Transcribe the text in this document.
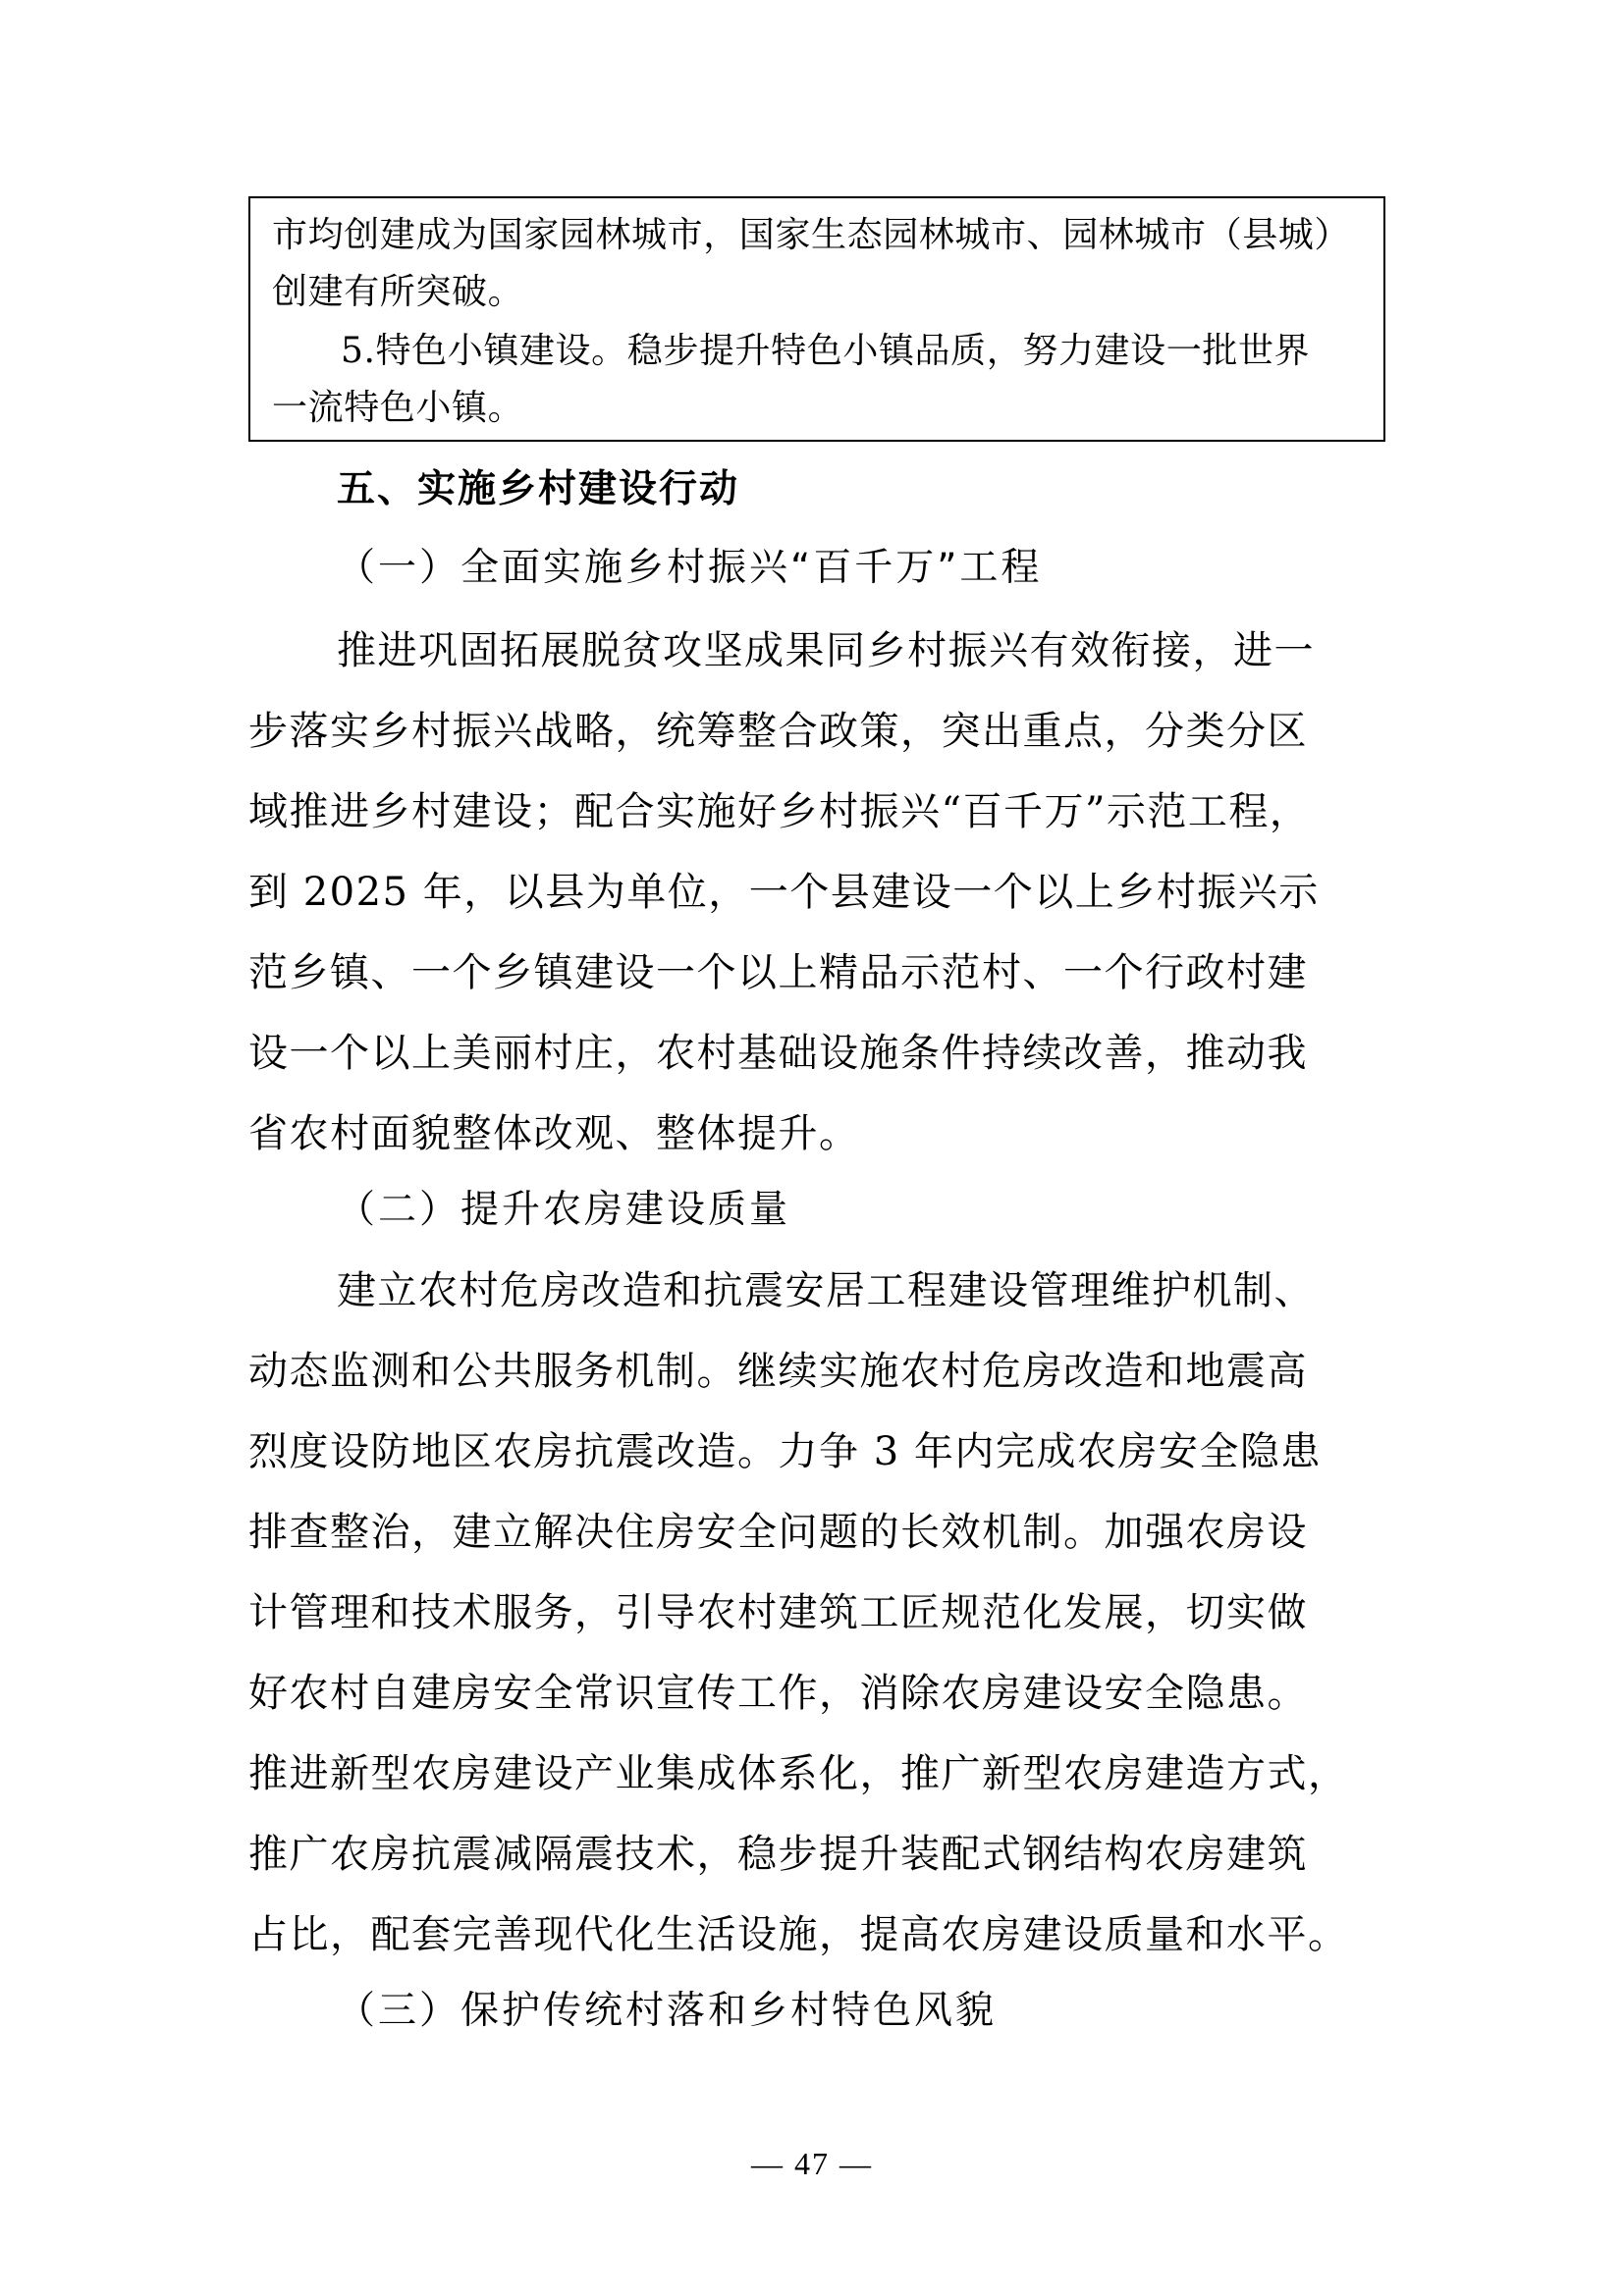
市均创建成为国家园林城市，国家生态园林城市、园林城市（县城）
创建有所突破。
5.特色小镇建设。稳步提升特色小镇品质，努力建设一批世界
一流特色小镇。
五、实施乡村建设行动
（一）全面实施乡村振兴“百千万”工程
推进巩固拓展脱贫攻坚成果同乡村振兴有效衔接，进一
步落实乡村振兴战略，统筹整合政策，突出重点，分类分区
域推进乡村建设；配合实施好乡村振兴“百千万”示范工程，
到 2025 年，以县为单位，一个县建设一个以上乡村振兴示
范乡镇、一个乡镇建设一个以上精品示范村、一个行政村建
设一个以上美丽村庄，农村基础设施条件持续改善，推动我
省农村面貌整体改观、整体提升。
（二）提升农房建设质量
建立农村危房改造和抗震安居工程建设管理维护机制、
动态监测和公共服务机制。继续实施农村危房改造和地震高
烈度设防地区农房抗震改造。力争 3 年内完成农房安全隐患
排查整治，建立解决住房安全问题的长效机制。加强农房设
计管理和技术服务，引导农村建筑工匠规范化发展，切实做
好农村自建房安全常识宣传工作，消除农房建设安全隐患。
推进新型农房建设产业集成体系化，推广新型农房建造方式，
推广农房抗震减隔震技术，稳步提升装配式钢结构农房建筑
占比，配套完善现代化生活设施，提高农房建设质量和水平。
（三）保护传统村落和乡村特色风貌
— 47 —
